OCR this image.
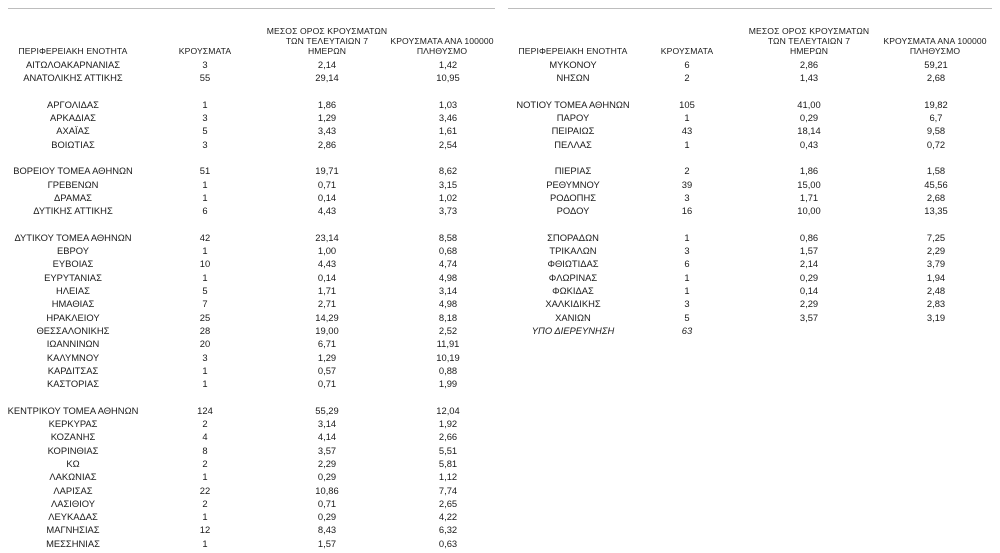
ΠΕΡΙΦΕΡΕΙΑΚΗ ΕΝΟΤΗΤΑ	ΚΡΟΥΣΜΑΤΑ
ΜΕΣΟΣ ΟΡΟΣ ΚΡΟΥΣΜΑΤΩΝ
ΤΩΝ ΤΕΛΕΥΤΑΙΩΝ 7
ΗΜΕΡΩΝ
ΚΡΟΥΣΜΑΤΑ ΑΝΑ 100000
ΠΛΗΘΥΣΜΟ
ΑΙΤΩΛΟΑΚΑΡΝΑΝΙΑΣ	3	2,14	1,42
ΑΝΑΤΟΛΙΚΗΣ ΑΤΤΙΚΗΣ	55	29,14	10,95
ΑΡΓΟΛΙΔΑΣ	1	1,86	1,03
ΑΡΚΑΔΙΑΣ	3	1,29	3,46
ΑΧΑΪΑΣ	5	3,43	1,61
ΒΟΙΩΤΙΑΣ	3	2,86	2,54
ΒΟΡΕΙΟΥ ΤΟΜΕΑ ΑΘΗΝΩΝ	51	19,71	8,62
ΓΡΕΒΕΝΩΝ	1	0,71	3,15
ΔΡΑΜΑΣ	1	0,14	1,02
ΔΥΤΙΚΗΣ ΑΤΤΙΚΗΣ	6	4,43	3,73
ΔΥΤΙΚΟΥ ΤΟΜΕΑ ΑΘΗΝΩΝ	42	23,14	8,58
ΕΒΡΟΥ	1	1,00	0,68
ΕΥΒΟΙΑΣ	10	4,43	4,74
ΕΥΡΥΤΑΝΙΑΣ	1	0,14	4,98
ΗΛΕΙΑΣ	5	1,71	3,14
ΗΜΑΘΙΑΣ	7	2,71	4,98
ΗΡΑΚΛΕΙΟΥ	25	14,29	8,18
ΘΕΣΣΑΛΟΝΙΚΗΣ	28	19,00	2,52
ΙΩΑΝΝΙΝΩΝ	20	6,71	11,91
ΚΑΛΥΜΝΟΥ	3	1,29	10,19
ΚΑΡΔΙΤΣΑΣ	1	0,57	0,88
ΚΑΣΤΟΡΙΑΣ	1	0,71	1,99
ΚΕΝΤΡΙΚΟΥ ΤΟΜΕΑ ΑΘΗΝΩΝ	124	55,29	12,04
ΚΕΡΚΥΡΑΣ	2	3,14	1,92
ΚΟΖΑΝΗΣ	4	4,14	2,66
ΚΟΡΙΝΘΙΑΣ	8	3,57	5,51
ΚΩ	2	2,29	5,81
ΛΑΚΩΝΙΑΣ	1	0,29	1,12
ΛΑΡΙΣΑΣ	22	10,86	7,74
ΛΑΣΙΘΙΟΥ	2	0,71	2,65
ΛΕΥΚΑΔΑΣ	1	0,29	4,22
ΜΑΓΝΗΣΙΑΣ	12	8,43	6,32
ΜΕΣΣΗΝΙΑΣ	1	1,57	0,63
ΠΕΡΙΦΕΡΕΙΑΚΗ ΕΝΟΤΗΤΑ	ΚΡΟΥΣΜΑΤΑ
ΜΕΣΟΣ ΟΡΟΣ ΚΡΟΥΣΜΑΤΩΝ
ΤΩΝ ΤΕΛΕΥΤΑΙΩΝ 7
ΗΜΕΡΩΝ
ΚΡΟΥΣΜΑΤΑ ΑΝΑ 100000
ΠΛΗΘΥΣΜΟ
ΜΥΚΟΝΟΥ	6	2,86	59,21
ΝΗΣΩΝ	2	1,43	2,68
ΝΟΤΙΟΥ ΤΟΜΕΑ ΑΘΗΝΩΝ	105	41,00	19,82
ΠΑΡΟΥ	1	0,29	6,7
ΠΕΙΡΑΙΩΣ	43	18,14	9,58
ΠΕΛΛΑΣ	1	0,43	0,72
ΠΙΕΡΙΑΣ	2	1,86	1,58
ΡΕΘΥΜΝΟΥ	39	15,00	45,56
ΡΟΔΟΠΗΣ	3	1,71	2,68
ΡΟΔΟΥ	16	10,00	13,35
ΣΠΟΡΑΔΩΝ	1	0,86	7,25
ΤΡΙΚΑΛΩΝ	3	1,57	2,29
ΦΘΙΩΤΙΔΑΣ	6	2,14	3,79
ΦΛΩΡΙΝΑΣ	1	0,29	1,94
ΦΩΚΙΔΑΣ	1	0,14	2,48
ΧΑΛΚΙΔΙΚΗΣ	3	2,29	2,83
ΧΑΝΙΩΝ	5	3,57	3,19
ΥΠΟ ΔΙΕΡΕΥΝΗΣΗ	63
